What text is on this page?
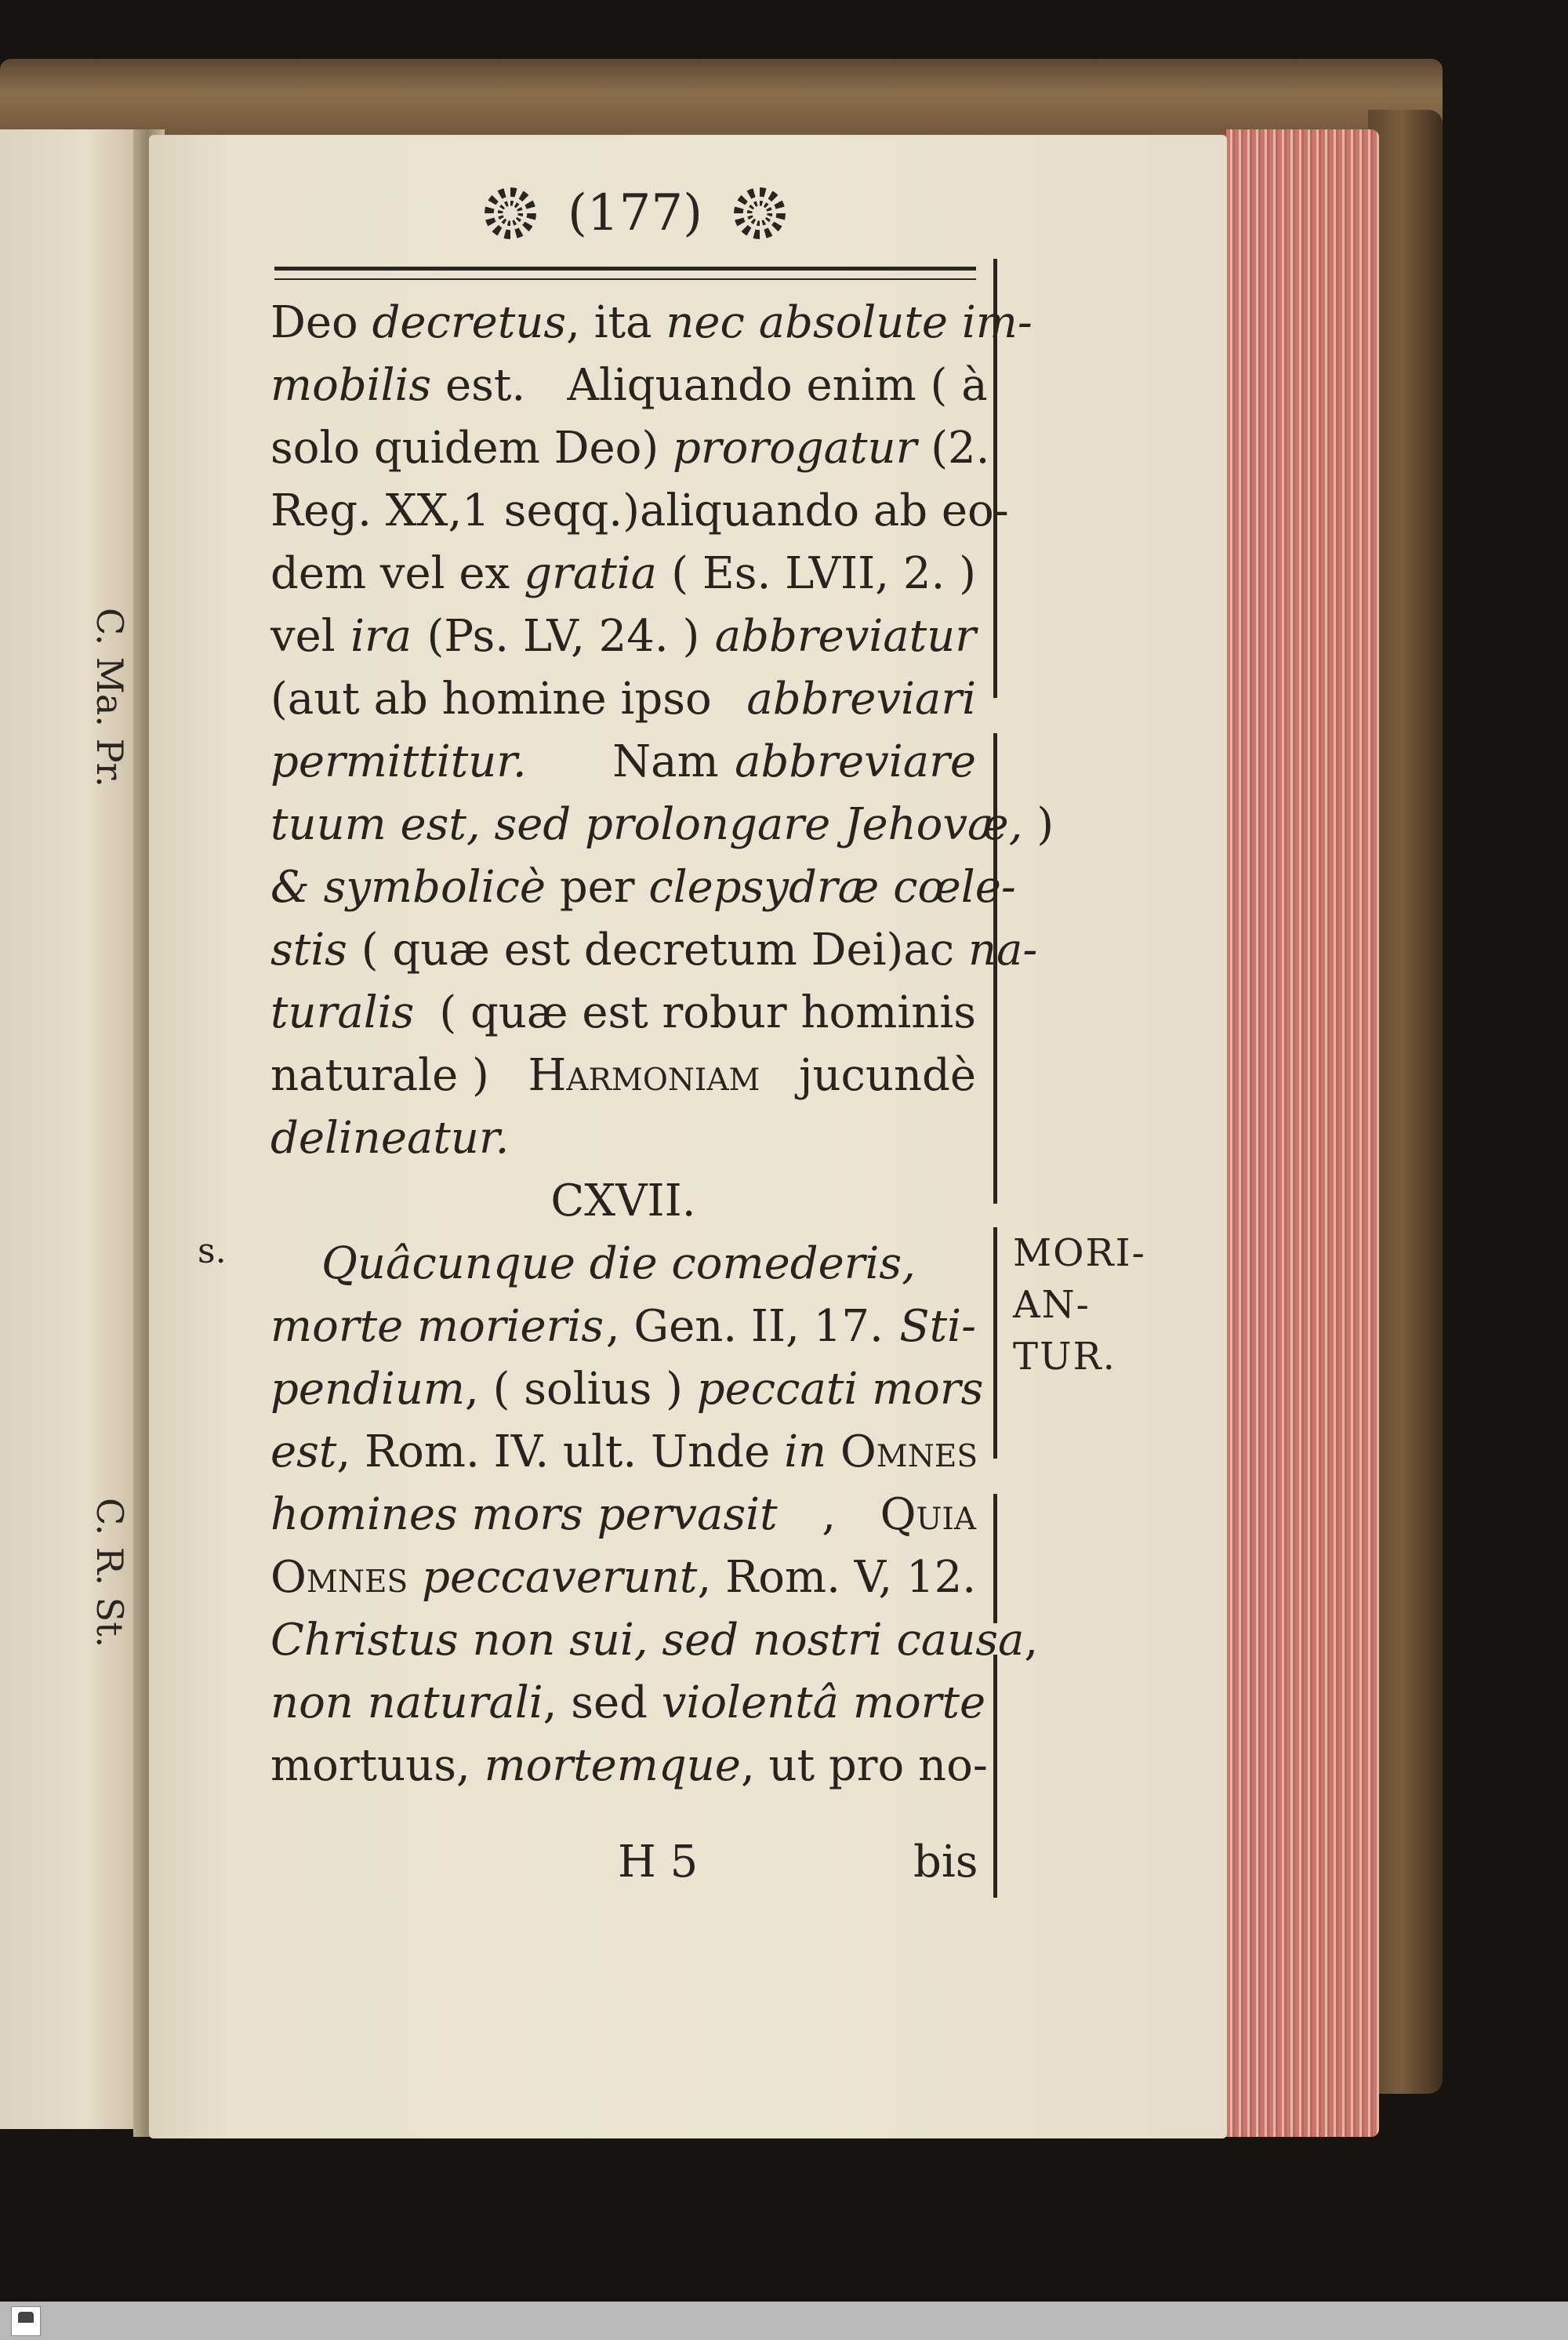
C. Ma. Pr.
C. R. St.
(177)
s.
Deo decretus , ita nec absolute im-
mobilis est.   Aliquando enim ( à
solo quidem Deo) prorogatur (2.
Reg. XX,1 seqq.)aliquando ab eo-
dem vel ex gratia ( Es. LVII, 2. )
vel ira (Ps. LV, 24. ) abbreviatur
(aut ab homine ipso abbreviari
permittitur. Nam abbreviare
tuum est, sed prolongare Jehovæ, )
& symbolicè per clepsydræ cœle-
stis ( quæ est decretum Dei)ac na-
turalis ( quæ est robur hominis
naturale ) Harmoniam jucundè
delineatur.
CXVII.
Quâcunque die comederis,
morte morieris , Gen. II, 17. Sti-
pendium , ( solius ) peccati mors
est , Rom. IV. ult. Unde in Omnes
homines mors pervasit , Quia
Omnes
peccaverunt , Rom. V, 12.
Christus non sui, sed nostri causa ,
non naturali , sed violentâ morte
mortuus, mortemque , ut pro no-
H 5	bis
MORI-
AN-
TUR.
